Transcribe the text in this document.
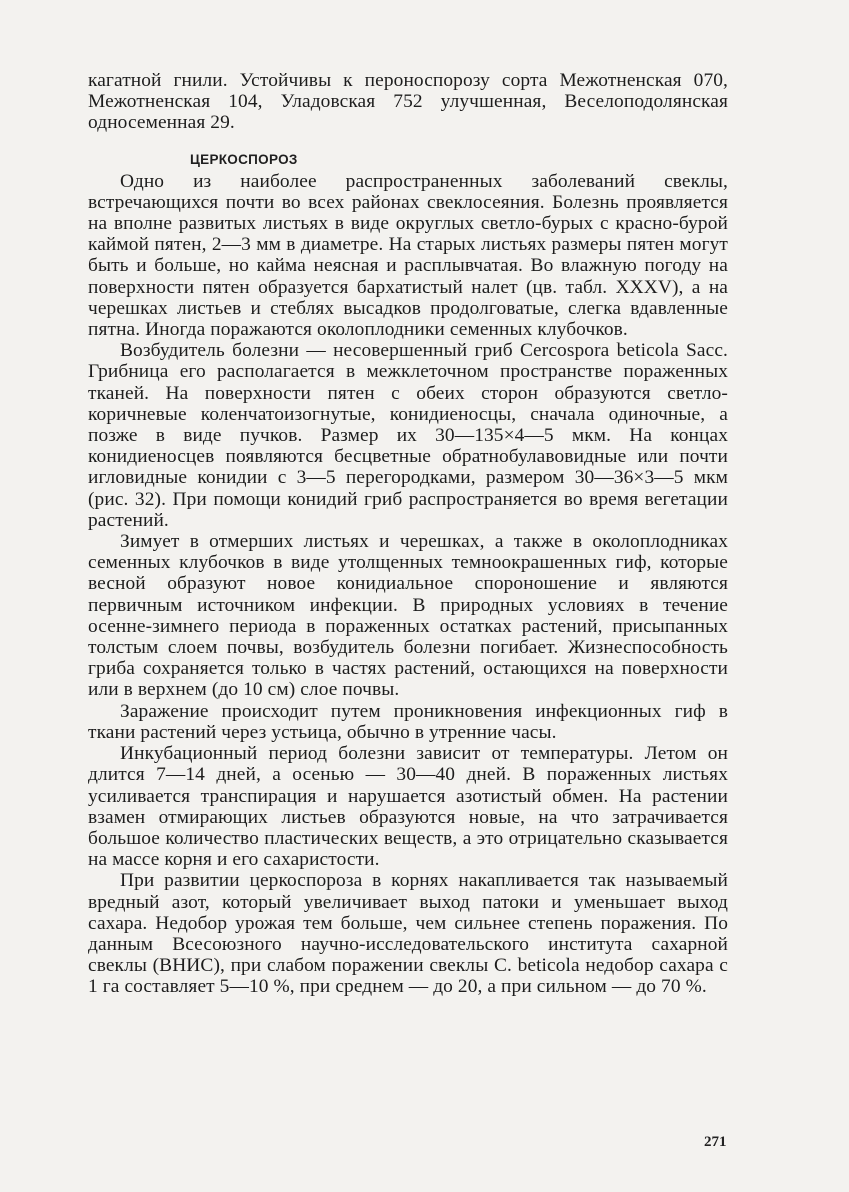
кагатной гнили. Устойчивы к пероноспорозу сорта Межотненская 070, Межотненская 104, Уладовская 752 улучшенная, Веселоподолянская односеменная 29.

ЦЕРКОСПОРОЗ

Одно из наиболее распространенных заболеваний свеклы, встречающихся почти во всех районах свеклосеяния. Болезнь проявляется на вполне развитых листьях в виде округлых светло-бурых с красно-бурой каймой пятен, 2—3 мм в диаметре. На старых листьях размеры пятен могут быть и больше, но кайма неясная и расплывчатая. Во влажную погоду на поверхности пятен образуется бархатистый налет (цв. табл. XXXV), а на черешках листьев и стеблях высадков продолговатые, слегка вдавленные пятна. Иногда поражаются околоплодники семенных клубочков.

Возбудитель болезни — несовершенный гриб Cercospora beticola Sacc. Грибница его располагается в межклеточном пространстве пораженных тканей. На поверхности пятен с обеих сторон образуются светло-коричневые коленчатоизогнутые, конидиеносцы, сначала одиночные, а позже в виде пучков. Размер их 30—135×4—5 мкм. На концах конидиеносцев появляются бесцветные обратнобулавовидные или почти игловидные конидии с 3—5 перегородками, размером 30—36×3—5 мкм (рис. 32). При помощи конидий гриб распространяется во время вегетации растений.

Зимует в отмерших листьях и черешках, а также в околоплодниках семенных клубочков в виде утолщенных темноокрашенных гиф, которые весной образуют новое конидиальное спороношение и являются первичным источником инфекции. В природных условиях в течение осенне-зимнего периода в пораженных остатках растений, присыпанных толстым слоем почвы, возбудитель болезни погибает. Жизнеспособность гриба сохраняется только в частях растений, остающихся на поверхности или в верхнем (до 10 см) слое почвы.

Заражение происходит путем проникновения инфекционных гиф в ткани растений через устьица, обычно в утренние часы.

Инкубационный период болезни зависит от температуры. Летом он длится 7—14 дней, а осенью — 30—40 дней. В пораженных листьях усиливается транспирация и нарушается азотистый обмен. На растении взамен отмирающих листьев образуются новые, на что затрачивается большое количество пластических веществ, а это отрицательно сказывается на массе корня и его сахаристости.

При развитии церкоспороза в корнях накапливается так называемый вредный азот, который увеличивает выход патоки и уменьшает выход сахара. Недобор урожая тем больше, чем сильнее степень поражения. По данным Всесоюзного научно-исследовательского института сахарной свеклы (ВНИС), при слабом поражении свеклы C. beticola недобор сахара с 1 га составляет 5—10 %, при среднем — до 20, а при сильном — до 70 %.

271
